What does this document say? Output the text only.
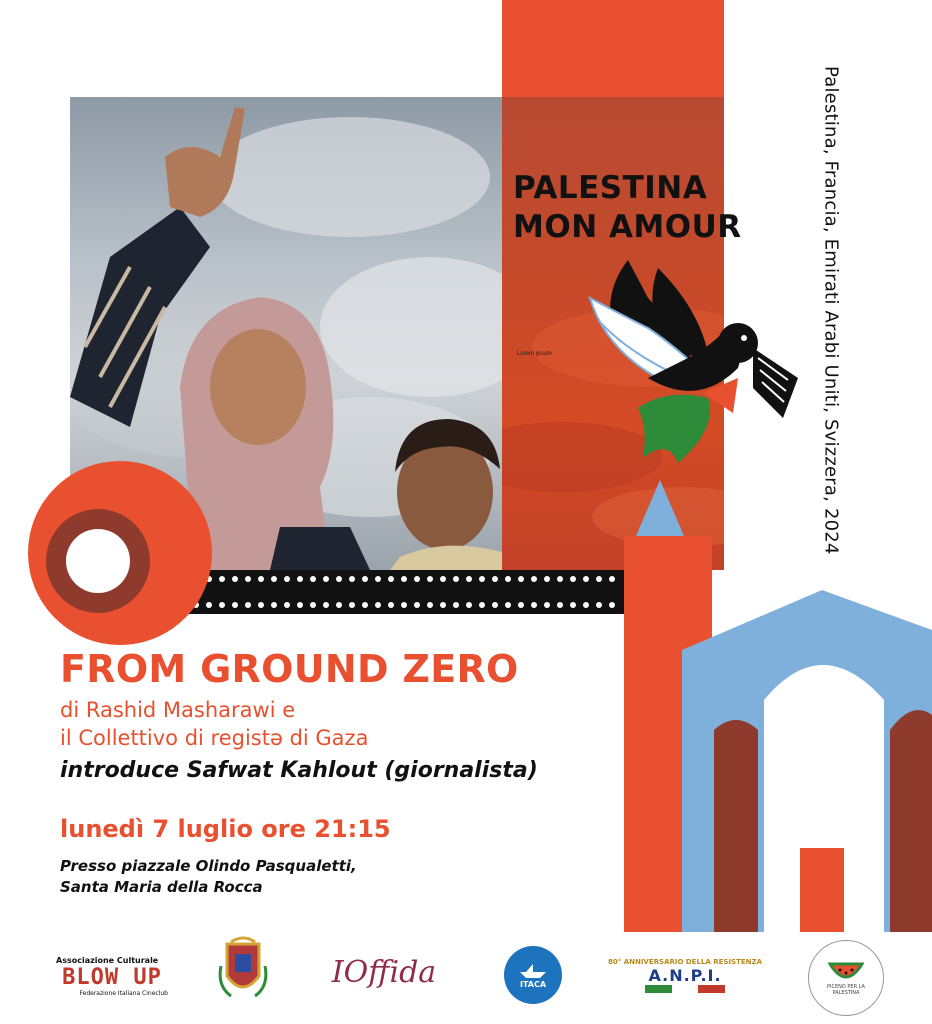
PALESTINA
MON AMOUR
Lorem ipsum	Palestina, Francia, Emirati Arabi Uniti, Svizzera, 2024
FROM GROUND ZERO
di Rashid Masharawi e
il Collettivo di registə di Gaza
introduce Safwat Kahlout (giornalista)
lunedì 7 luglio ore 21:15
Presso piazzale Olindo Pasqualetti,
Santa Maria della Rocca
Associazione Culturale
BLOW UP
Federazione Italiana Cineclub
IOffida	ITACA
80° ANNIVERSARIO DELLA RESISTENZA
A.N.P.I.
PICENO PER LA PALESTINA
